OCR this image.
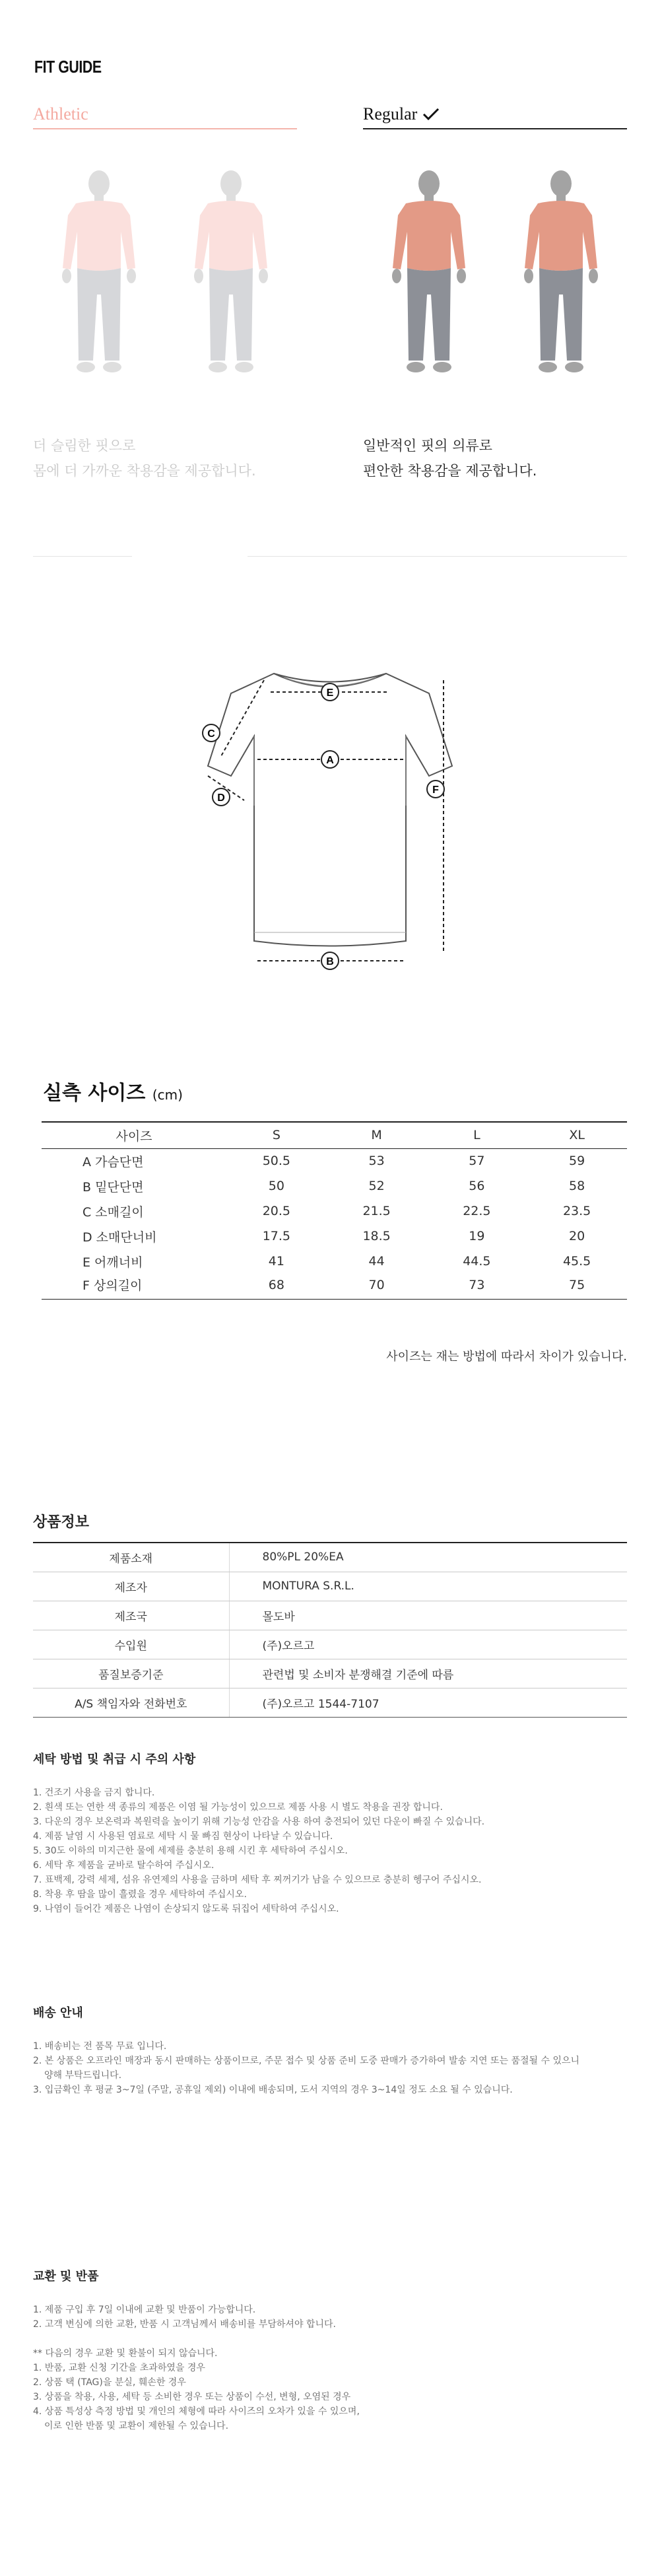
FIT GUIDE
Athletic
더 슬림한 핏으로
몸에 더 가까운 착용감을 제공합니다.
Regular
일반적인 핏의 의류로
편안한 착용감을 제공합니다.
E
A
B
C
D
F
실측 사이즈 (cm)
사이즈	S	M	L	XL
A 가슴단면	50.5	53	57	59
B 밑단단면	50	52	56	58
C 소매길이	20.5	21.5	22.5	23.5
D 소매단너비	17.5	18.5	19	20
E 어깨너비	41	44	44.5	45.5
F 상의길이	68	70	73	75
사이즈는 재는 방법에 따라서 차이가 있습니다.
상품정보
제품소재	80%PL 20%EA
제조자	MONTURA S.R.L.
제조국	몰도바
수입원	(주)오르고
품질보증기준	관련법 및 소비자 분쟁해결 기준에 따름
A/S 책임자와 전화번호	(주)오르고 1544-7107
세탁 방법 및 취급 시 주의 사항

1. 건조기 사용을 금지 합니다.

2. 흰색 또는 연한 색 종류의 제품은 이염 될 가능성이 있으므로 제품 사용 시 별도 착용을 권장 합니다.

3. 다운의 경우 보온력과 복원력을 높이기 위해 기능성 안감을 사용 하여 충전되어 있던 다운이 빠질 수 있습니다.

4. 제품 날염 시 사용된 염료로 세탁 시 물 빠짐 현상이 나타날 수 있습니다.

5. 30도 이하의 미지근한 물에 세제를 충분히 용해 시킨 후 세탁하여 주십시오.

6. 세탁 후 제품을 균바로 탈수하여 주십시오.

7. 표백제, 강력 세제, 섬유 유연제의 사용을 금하며 세탁 후 찌꺼기가 남을 수 있으므로 충분히 헹구어 주십시오.

8. 착용 후 땀을 많이 흘렸을 경우 세탁하여 주십시오.

9. 나염이 들어간 제품은 나염이 손상되지 않도록 뒤집어 세탁하여 주십시오.

배송 안내

1. 배송비는 전 품목 무료 입니다.

2. 본 상품은 오프라인 매장과 동시 판매하는 상품이므로, 주문 접수 및 상품 준비 도중 판매가 증가하여 발송 지연 또는 품절될 수 있으니

양해 부탁드립니다.

3. 입금확인 후 평균 3~7일 (주말, 공휴일 제외) 이내에 배송되며, 도서 지역의 경우 3~14일 정도 소요 될 수 있습니다.

교환 및 반품

1. 제품 구입 후 7일 이내에 교환 및 반품이 가능합니다.

2. 고객 변심에 의한 교환, 반품 시 고객님께서 배송비를 부담하셔야 합니다.

** 다음의 경우 교환 및 환불이 되지 않습니다.

1. 반품, 교환 신청 기간을 초과하였을 경우

2. 상품 택 (TAG)을 분실, 훼손한 경우

3. 상품을 착용, 사용, 세탁 등 소비한 경우 또는 상품이 수선, 변형, 오염된 경우

4. 상품 특성상 측정 방법 및 개인의 체형에 따라 사이즈의 오차가 있을 수 있으며,

이로 인한 반품 및 교환이 제한될 수 있습니다.
